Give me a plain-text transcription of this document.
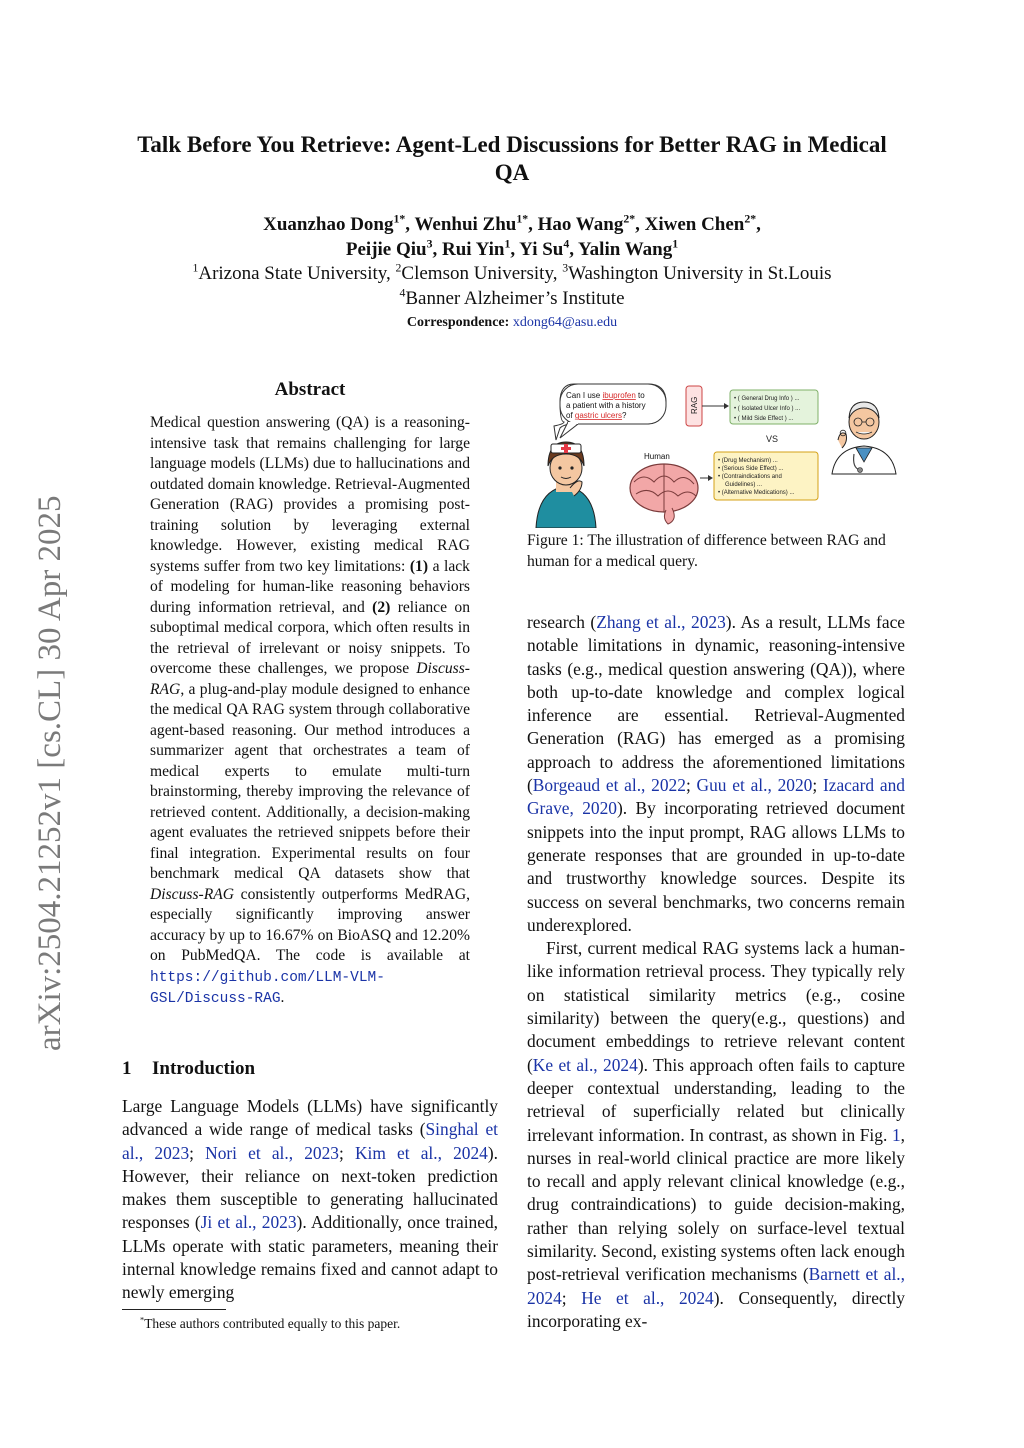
arXiv:2504.21252v1 [cs.CL] 30 Apr 2025
Talk Before You Retrieve: Agent-Led Discussions for Better RAG in Medical QA
Xuanzhao Dong$^{1*}$, Wenhui Zhu$^{1*}$, Hao Wang$^{2*}$, Xiwen Chen$^{2*}$,
Peijie Qiu$^3$, Rui Yin$^1$, Yi Su$^4$, Yalin Wang$^1$
$^1$Arizona State University, $^2$Clemson University, $^3$Washington University in St.Louis
$^4$Banner Alzheimer’s Institute
Correspondence: xdong64@asu.edu
Abstract

Medical question answering (QA) is a reasoning-intensive task that remains challenging for large language models (LLMs) due to hallucinations and outdated domain knowledge. Retrieval-Augmented Generation (RAG) provides a promising post-training solution by leveraging external knowledge. However, existing medical RAG systems suffer from two key limitations: (1) a lack of modeling for human-like reasoning behaviors during information retrieval, and (2) reliance on suboptimal medical corpora, which often results in the retrieval of irrelevant or noisy snippets. To overcome these challenges, we propose Discuss-RAG, a plug-and-play module designed to enhance the medical QA RAG system through collaborative agent-based reasoning. Our method introduces a summarizer agent that orchestrates a team of medical experts to emulate multi-turn brainstorming, thereby improving the relevance of retrieved content. Additionally, a decision-making agent evaluates the retrieved snippets before their final integration. Experimental results on four benchmark medical QA datasets show that Discuss-RAG consistently outperforms MedRAG, especially significantly improving answer accuracy by up to 16.67% on BioASQ and 12.20% on PubMedQA. The code is available at https://github.com/LLM-VLM-GSL/Discuss-RAG.

1 Introduction

Large Language Models (LLMs) have significantly advanced a wide range of medical tasks (Singhal et al., 2023; Nori et al., 2023; Kim et al., 2024). However, their reliance on next-token prediction makes them susceptible to generating hallucinated responses (Ji et al., 2023). Additionally, once trained, LLMs operate with static parameters, meaning their internal knowledge remains fixed and cannot adapt to newly emerging

*These authors contributed equally to this paper.
Can I use ibuprofen to
a patient with a history
of gastric ulcers?
Human
RAG	• ( General Drug Info ) ...
• ( Isolated Ulcer Info ) ...
• ( Mild Side Effect ) ...
VS
• (Drug Mechanism) ...
• (Serious Side Effect) ...
• (Contraindications and
Guidelines) ...
• (Alternative Medications) ...

Figure 1: The illustration of difference between RAG and human for a medical query.

research (Zhang et al., 2023). As a result, LLMs face notable limitations in dynamic, reasoning-intensive tasks (e.g., medical question answering (QA)), where both up-to-date knowledge and complex logical inference are essential. Retrieval-Augmented Generation (RAG) has emerged as a promising approach to address the aforementioned limitations (Borgeaud et al., 2022; Guu et al., 2020; Izacard and Grave, 2020). By incorporating retrieved document snippets into the input prompt, RAG allows LLMs to generate responses that are grounded in up-to-date and trustworthy knowledge sources. Despite its success on several benchmarks, two concerns remain underexplored.
First, current medical RAG systems lack a human-like information retrieval process. They typically rely on statistical similarity metrics (e.g., cosine similarity) between the query(e.g., questions) and document embeddings to retrieve relevant content (Ke et al., 2024). This approach often fails to capture deeper contextual understanding, leading to the retrieval of superficially related but clinically irrelevant information. In contrast, as shown in Fig. 1, nurses in real-world clinical practice are more likely to recall and apply relevant clinical knowledge (e.g., drug contraindications) to guide decision-making, rather than relying solely on surface-level textual similarity. Second, existing systems often lack enough post-retrieval verification mechanisms (Barnett et al., 2024; He et al., 2024). Consequently, directly incorporating ex-
